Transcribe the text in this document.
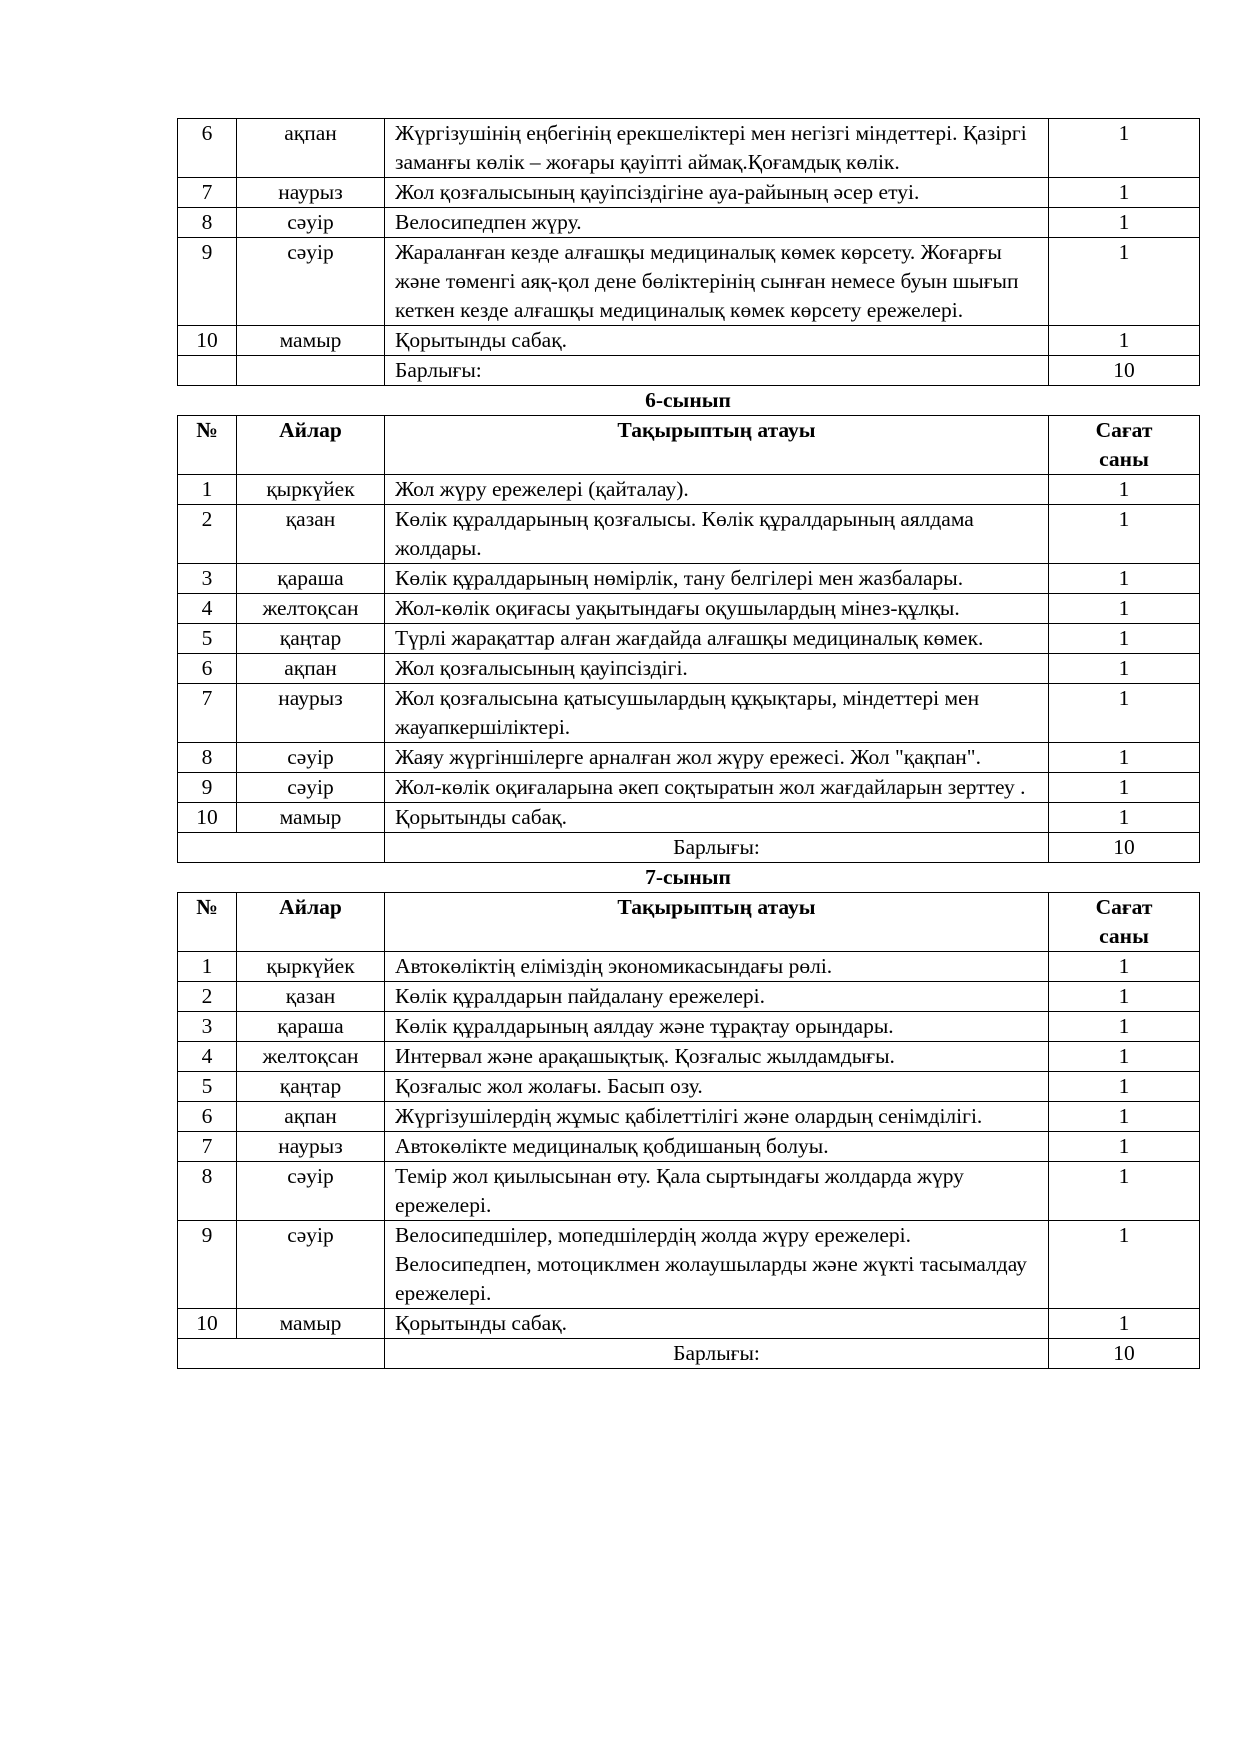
6	ақпан	Жүргізушінің еңбегінің ерекшеліктері мен негізгі міндеттері. Қазіргі заманғы көлік – жоғары қауіпті аймақ.Қоғамдық көлік.	1
7	наурыз	Жол қозғалысының қауіпсіздігіне ауа-райының әсер етуі.	1
8	сәуір	Велосипедпен жүру.	1
9	сәуір	Жараланған кезде алғашқы медициналық көмек көрсету. Жоғарғы және төменгі аяқ-қол дене бөліктерінің сынған немесе буын шығып кеткен кезде алғашқы медициналық көмек көрсету ережелері.	1
10	мамыр	Қорытынды сабақ.	1
		Барлығы:	10
6-сынып
№	Айлар	Тақырыптың атауы	Сағат саны
1	қыркүйек	Жол жүру ережелері (қайталау).	1
2	қазан	Көлік құралдарының қозғалысы. Көлік құралдарының аялдама жолдары.	1
3	қараша	Көлік құралдарының нөмірлік, тану белгілері мен жазбалары.	1
4	желтоқсан	Жол-көлік оқиғасы уақытындағы оқушылардың мінез-құлқы.	1
5	қаңтар	Түрлі жарақаттар алған жағдайда алғашқы медициналық көмек.	1
6	ақпан	Жол қозғалысының қауіпсіздігі.	1
7	наурыз	Жол қозғалысына қатысушылардың құқықтары, міндеттері мен жауапкершіліктері.	1
8	сәуір	Жаяу жүргіншілерге арналған жол жүру ережесі. Жол "қақпан".	1
9	сәуір	Жол-көлік оқиғаларына әкеп соқтыратын жол жағдайларын зерттеу .	1
10	мамыр	Қорытынды сабақ.	1
		Барлығы:	10
7-сынып
№	Айлар	Тақырыптың атауы	Сағат саны
1	қыркүйек	Автокөліктің еліміздің экономикасындағы рөлі.	1
2	қазан	Көлік құралдарын пайдалану ережелері.	1
3	қараша	Көлік құралдарының аялдау және тұрақтау орындары.	1
4	желтоқсан	Интервал және арақашықтық. Қозғалыс жылдамдығы.	1
5	қаңтар	Қозғалыс жол жолағы. Басып озу.	1
6	ақпан	Жүргізушілердің жұмыс қабілеттілігі және олардың сенімділігі.	1
7	наурыз	Автокөлікте медициналық қобдишаның болуы.	1
8	сәуір	Темір жол қиылысынан өту. Қала сыртындағы жолдарда жүру ережелері.	1
9	сәуір	Велосипедшілер, мопедшілердің жолда жүру ережелері. Велосипедпен, мотоциклмен жолаушыларды және жүкті тасымалдау ережелері.	1
10	мамыр	Қорытынды сабақ.	1
		Барлығы:	10
